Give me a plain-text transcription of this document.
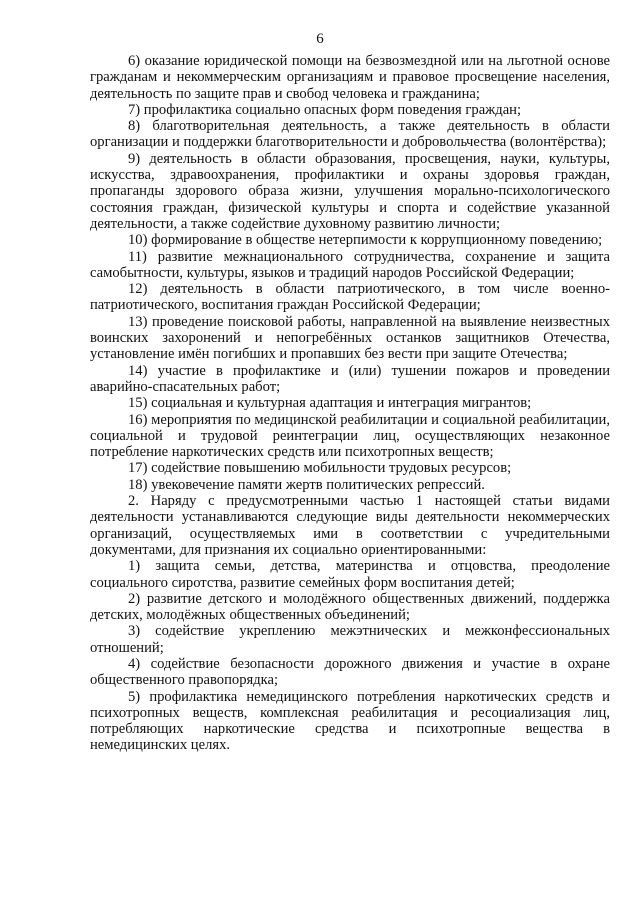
6

6) оказание юридической помощи на безвозмездной или на льготной основе гражданам и некоммерческим организациям и правовое просвещение населения, деятельность по защите прав и свобод человека и гражданина;

7) профилактика социально опасных форм поведения граждан;

8) благотворительная деятельность, а также деятельность в области организации и поддержки благотворительности и добровольчества (волонтёрства);

9) деятельность в области образования, просвещения, науки, культуры, искусства, здравоохранения, профилактики и охраны здоровья граждан, пропаганды здорового образа жизни, улучшения морально-психологического состояния граждан, физической культуры и спорта и содействие указанной деятельности, а также содействие духовному развитию личности;

10) формирование в обществе нетерпимости к коррупционному поведению;

11) развитие межнационального сотрудничества, сохранение и защита самобытности, культуры, языков и традиций народов Российской Федерации;

12) деятельность в области патриотического, в том числе военно-патриотического, воспитания граждан Российской Федерации;

13) проведение поисковой работы, направленной на выявление неизвестных воинских захоронений и непогребённых останков защитников Отечества, установление имён погибших и пропавших без вести при защите Отечества;

14) участие в профилактике и (или) тушении пожаров и проведении аварийно-спасательных работ;

15) социальная и культурная адаптация и интеграция мигрантов;

16) мероприятия по медицинской реабилитации и социальной реабилитации, социальной и трудовой реинтеграции лиц, осуществляющих незаконное потребление наркотических средств или психотропных веществ;

17) содействие повышению мобильности трудовых ресурсов;

18) увековечение памяти жертв политических репрессий.

2. Наряду с предусмотренными частью 1 настоящей статьи видами деятельности устанавливаются следующие виды деятельности некоммерческих организаций, осуществляемых ими в соответствии с учредительными документами, для признания их социально ориентированными:

1) защита семьи, детства, материнства и отцовства, преодоление социального сиротства, развитие семейных форм воспитания детей;

2) развитие детского и молодёжного общественных движений, поддержка детских, молодёжных общественных объединений;

3) содействие укреплению межэтнических и межконфессиональных отношений;

4) содействие безопасности дорожного движения и участие в охране общественного правопорядка;

5) профилактика немедицинского потребления наркотических средств и психотропных веществ, комплексная реабилитация и ресоциализация лиц, потребляющих наркотические средства и психотропные вещества в немедицинских целях.
